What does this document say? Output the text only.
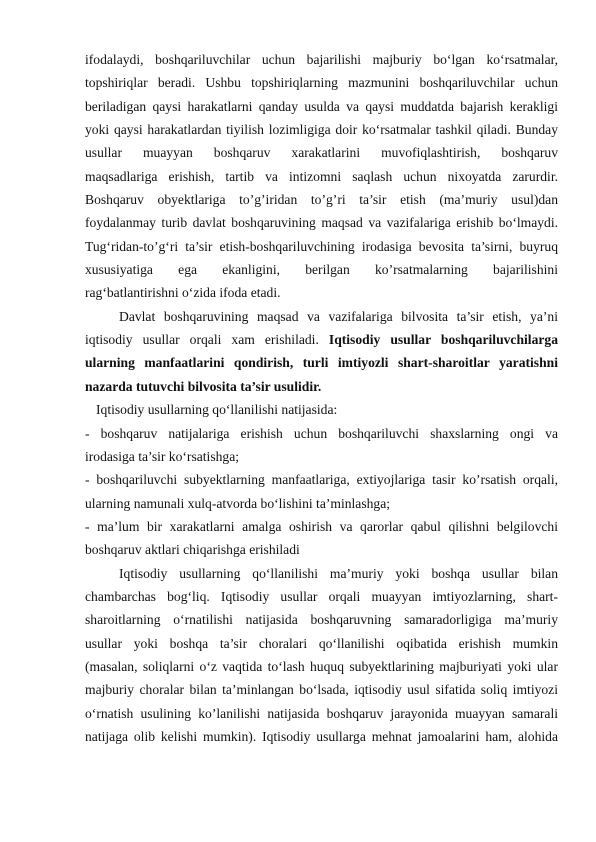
ifodalaydi, boshqariluvchilar uchun bajarilishi majburiy bo‘lgan ko‘rsatmalar,
topshiriqlar beradi. Ushbu topshiriqlarning mazmunini boshqariluvchilar uchun
beriladigan qaysi harakatlarni qanday usulda va qaysi muddatda bajarish kerakligi
yoki qaysi harakatlardan tiyilish lozimligiga doir ko‘rsatmalar tashkil qiladi. Bunday
usullar muayyan boshqaruv xarakatlarini muvofiqlashtirish, boshqaruv
maqsadlariga erishish, tartib va intizomni saqlash uchun nixoyatda zarurdir.
Boshqaruv obyektlariga to’g’iridan to’g’ri ta’sir etish (ma’muriy usul)dan
foydalanmay turib davlat boshqaruvining maqsad va vazifalariga erishib bo‘lmaydi.
Tug‘ridan-to’g‘ri ta’sir etish-boshqariluvchining irodasiga bevosita ta’sirni, buyruq
xususiyatiga ega ekanligini, berilgan ko’rsatmalarning bajarilishini
rag‘batlantirishni o‘zida ifoda etadi.
Davlat boshqaruvining maqsad va vazifalariga bilvosita ta’sir etish, ya’ni
iqtisodiy usullar orqali xam erishiladi. Iqtisodiy usullar boshqariluvchilarga
ularning manfaatlarini qondirish, turli imtiyozli shart-sharoitlar yaratishni
nazarda tutuvchi bilvosita ta’sir usulidir.
Iqtisodiy usullarning qo‘llanilishi natijasida:
- boshqaruv natijalariga erishish uchun boshqariluvchi shaxslarning ongi va
irodasiga ta’sir ko‘rsatishga;
- boshqariluvchi subyektlarning manfaatlariga, extiyojlariga tasir ko’rsatish orqali,
ularning namunali xulq-atvorda bo‘lishini ta’minlashga;
- ma’lum bir xarakatlarni amalga oshirish va qarorlar qabul qilishni belgilovchi
boshqaruv aktlari chiqarishga erishiladi
Iqtisodiy usullarning qo‘llanilishi ma’muriy yoki boshqa usullar bilan
chambarchas bog‘liq. Iqtisodiy usullar orqali muayyan imtiyozlarning, shart-
sharoitlarning o‘rnatilishi natijasida boshqaruvning samaradorligiga ma’muriy
usullar yoki boshqa ta’sir choralari qo‘llanilishi oqibatida erishish mumkin
(masalan, soliqlarni o‘z vaqtida to‘lash huquq subyektlarining majburiyati yoki ular
majburiy choralar bilan ta’minlangan bo‘lsada, iqtisodiy usul sifatida soliq imtiyozi
o‘rnatish usulining ko’lanilishi natijasida boshqaruv jarayonida muayyan samarali
natijaga olib kelishi mumkin). Iqtisodiy usullarga mehnat jamoalarini ham, alohida
